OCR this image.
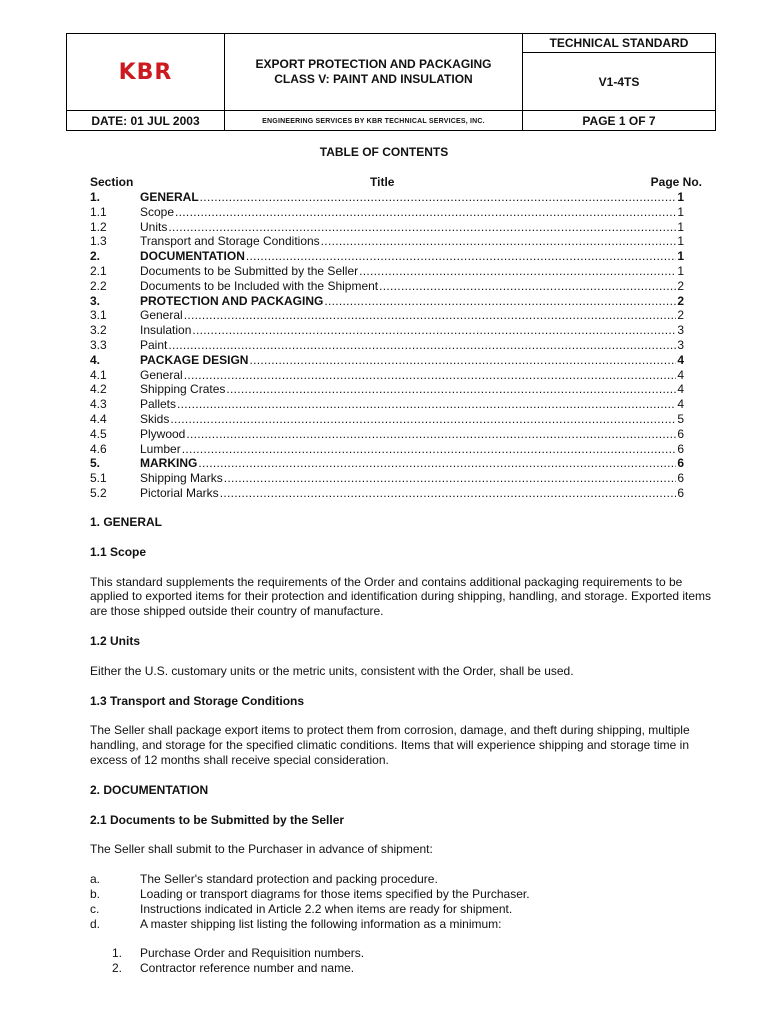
KBR	EXPORT PROTECTION AND PACKAGING
CLASS V: PAINT AND INSULATION
TECHNICAL STANDARD
V1-4TS
DATE: 01 JUL 2003	ENGINEERING SERVICES BY KBR TECHNICAL SERVICES, INC.	PAGE 1 OF 7
TABLE OF CONTENTS
Section	Title	Page No.
1.	GENERAL .....	1
1.1	Scope .....	1
1.2	Units .....	1
1.3	Transport and Storage Conditions .....	1
2.	DOCUMENTATION .....	1
2.1	Documents to be Submitted by the Seller .....	1
2.2	Documents to be Included with the Shipment .....	2
3.	PROTECTION AND PACKAGING .....	2
3.1	General .....	2
3.2	Insulation .....	3
3.3	Paint .....	3
4.	PACKAGE DESIGN .....	4
4.1	General .....	4
4.2	Shipping Crates .....	4
4.3	Pallets .....	4
4.4	Skids .....	5
4.5	Plywood .....	6
4.6	Lumber .....	6
5.	MARKING .....	6
5.1	Shipping Marks .....	6
5.2	Pictorial Marks .....	6
1. GENERAL
1.1 Scope

This standard supplements the requirements of the Order and contains additional packaging requirements to be applied to exported items for their protection and identification during shipping, handling, and storage. Exported items are those shipped outside their country of manufacture.

1.2 Units

Either the U.S. customary units or the metric units, consistent with the Order, shall be used.

1.3 Transport and Storage Conditions

The Seller shall package export items to protect them from corrosion, damage, and theft during shipping, multiple handling, and storage for the specified climatic conditions. Items that will experience shipping and storage time in excess of 12 months shall receive special consideration.

2. DOCUMENTATION
2.1 Documents to be Submitted by the Seller

The Seller shall submit to the Purchaser in advance of shipment:

a.	The Seller's standard protection and packing procedure.
b.	Loading or transport diagrams for those items specified by the Purchaser.
c.	Instructions indicated in Article 2.2 when items are ready for shipment.
d.	A master shipping list listing the following information as a minimum:
1.	Purchase Order and Requisition numbers.
2.	Contractor reference number and name.
